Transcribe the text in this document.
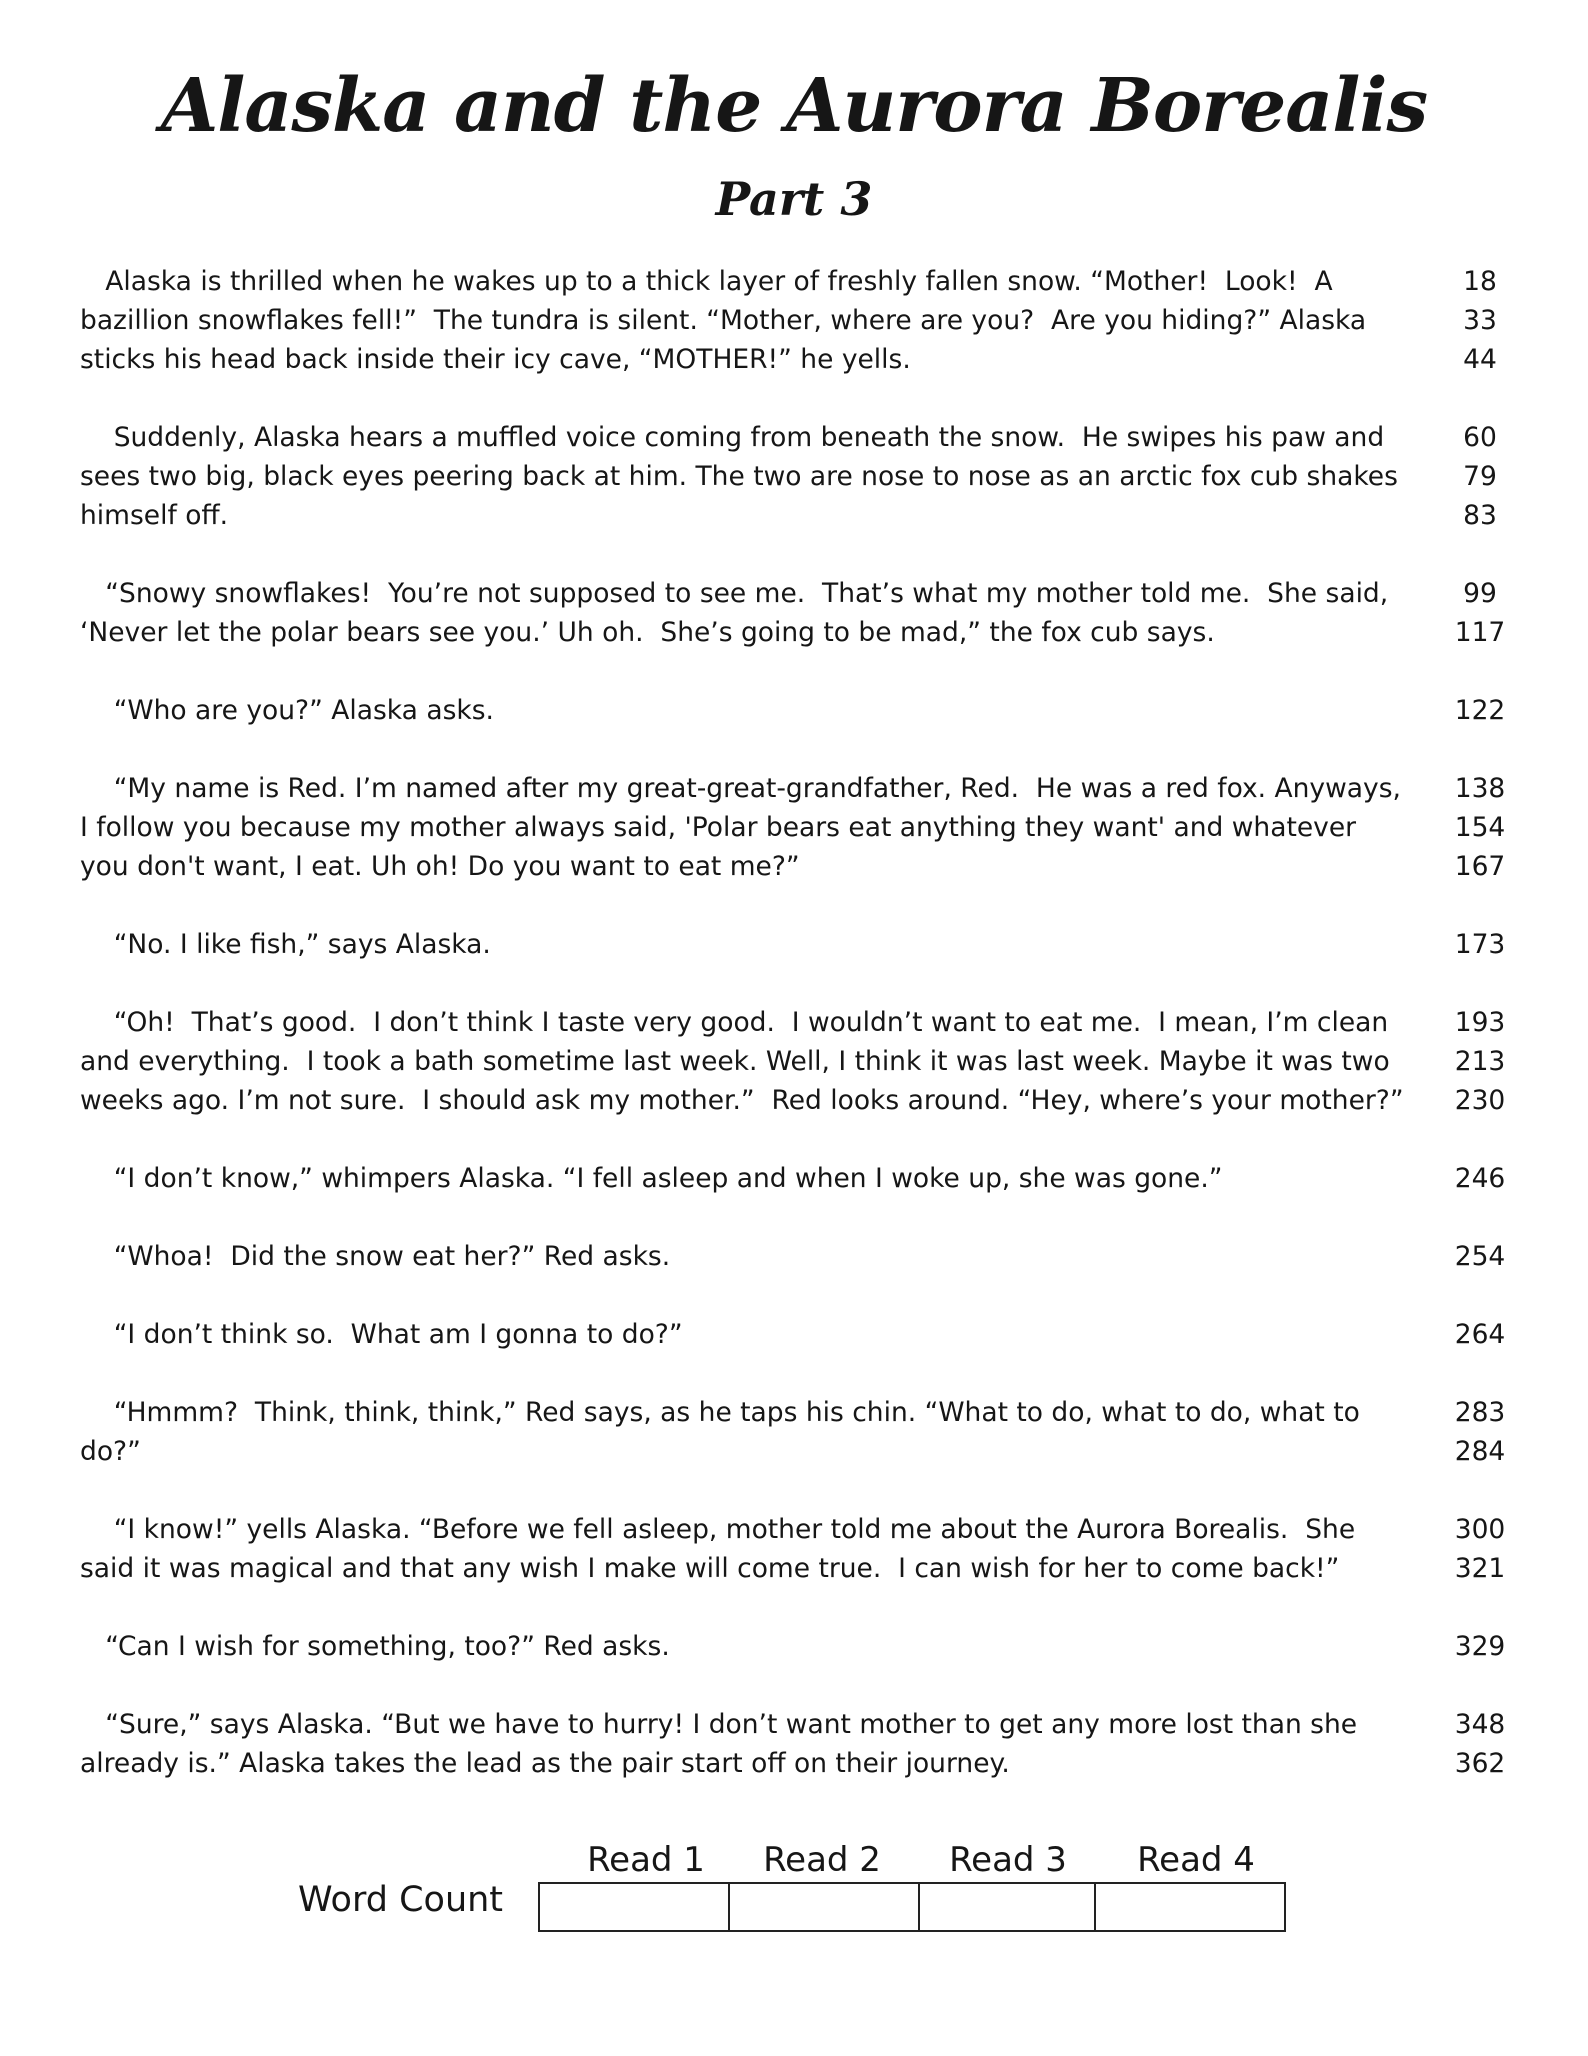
Alaska and the Aurora Borealis
Part 3
Alaska is thrilled when he wakes up to a thick layer of freshly fallen snow. “Mother!  Look!  A	18
bazillion snowflakes fell!”  The tundra is silent. “Mother, where are you?  Are you hiding?” Alaska	33
sticks his head back inside their icy cave, “MOTHER!” he yells.	44
Suddenly, Alaska hears a muffled voice coming from beneath the snow.  He swipes his paw and	60
sees two big, black eyes peering back at him. The two are nose to nose as an arctic fox cub shakes	79
himself off.	83
“Snowy snowflakes!  You’re not supposed to see me.  That’s what my mother told me.  She said,	99
‘Never let the polar bears see you.’ Uh oh.  She’s going to be mad,” the fox cub says.	117
“Who are you?” Alaska asks.	122
“My name is Red. I’m named after my great-great-grandfather, Red.  He was a red fox. Anyways,	138
I follow you because my mother always said, 'Polar bears eat anything they want' and whatever	154
you don't want, I eat. Uh oh! Do you want to eat me?”	167
“No. I like fish,” says Alaska.	173
“Oh!  That’s good.  I don’t think I taste very good.  I wouldn’t want to eat me.  I mean, I’m clean	193
and everything.  I took a bath sometime last week. Well, I think it was last week. Maybe it was two	213
weeks ago. I’m not sure.  I should ask my mother.”  Red looks around. “Hey, where’s your mother?”	230
“I don’t know,” whimpers Alaska. “I fell asleep and when I woke up, she was gone.”	246
“Whoa!  Did the snow eat her?” Red asks.	254
“I don’t think so.  What am I gonna to do?”	264
“Hmmm?  Think, think, think,” Red says, as he taps his chin. “What to do, what to do, what to	283
do?”	284
“I know!” yells Alaska. “Before we fell asleep, mother told me about the Aurora Borealis.  She	300
said it was magical and that any wish I make will come true.  I can wish for her to come back!”	321
“Can I wish for something, too?” Red asks.	329
“Sure,” says Alaska. “But we have to hurry! I don’t want mother to get any more lost than she	348
already is.” Alaska takes the lead as the pair start off on their journey.	362
Word Count
Read 1	Read 2	Read 3	Read 4
